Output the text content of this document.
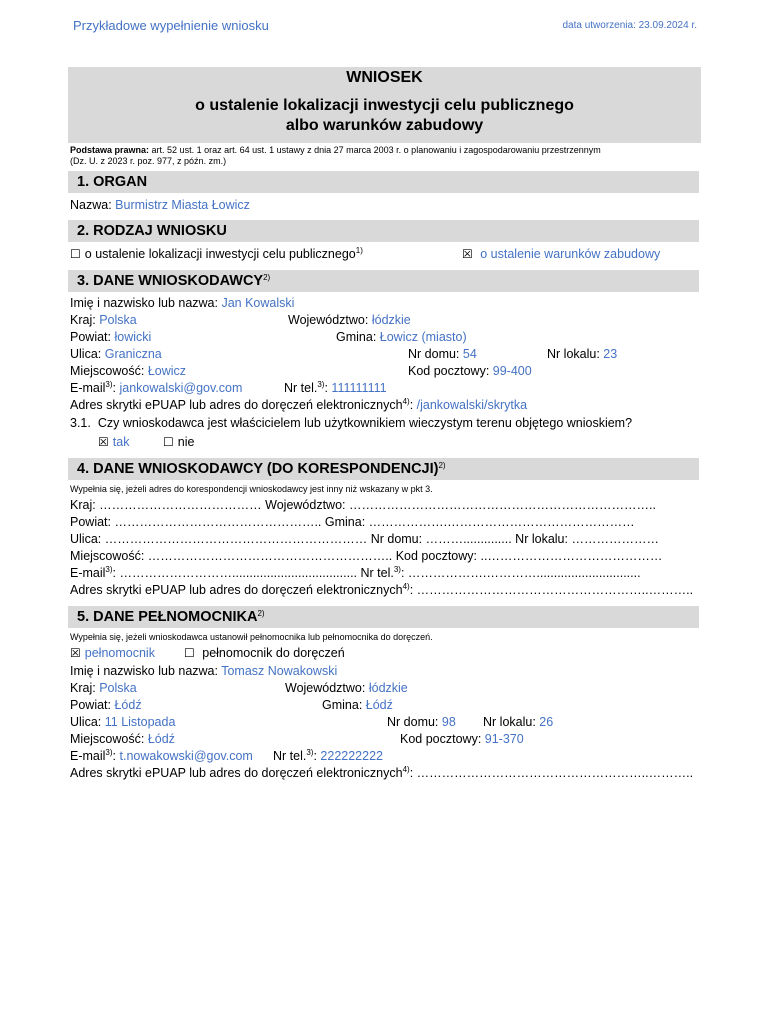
Przykładowe wypełnienie wniosku	data utworzenia: 23.09.2024 r.
WNIOSEK
o ustalenie lokalizacji inwestycji celu publicznego
albo warunków zabudowy
Podstawa prawna: art. 52 ust. 1 oraz art. 64 ust. 1 ustawy z dnia 27 marca 2003 r. o planowaniu i zagospodarowaniu przestrzennym
(Dz. U. z 2023 r. poz. 977, z późn. zm.)
1. ORGAN
Nazwa: Burmistrz Miasta Łowicz
2. RODZAJ WNIOSKU
☐ o ustalenie lokalizacji inwestycji celu publicznego$^{1)}$	☒ o ustalenie warunków zabudowy
3. DANE WNIOSKODAWCY$^{2)}$
Imię i nazwisko lub nazwa: Jan Kowalski
Kraj: Polska	Województwo: łódzkie
Powiat: łowicki	Gmina: Łowicz (miasto)
Ulica: Graniczna	Nr domu: 54	Nr lokalu: 23
Miejscowość: Łowicz	Kod pocztowy: 99-400
E-mail$^{3)}$: jankowalski@gov.com	Nr tel.$^{3)}$: 111111111
Adres skrytki ePUAP lub adres do doręczeń elektronicznych$^{4)}$: /jankowalski/skrytka
3.1. Czy wnioskodawca jest właścicielem lub użytkownikiem wieczystym terenu objętego wnioskiem?
☒ tak	☐ nie
4. DANE WNIOSKODAWCY (DO KORESPONDENCJI)$^{2)}$
Wypełnia się, jeżeli adres do korespondencji wnioskodawcy jest inny niż wskazany w pkt 3.
Kraj: ………………………………… Województwo: ………………………………………………………………..
Powiat: ………………………………………….. Gmina: ……………….………………………………………
Ulica: ……………………………………………………… Nr domu: ……….............. Nr lokalu: …………………
Miejscowość: ………………………………………………….. Kod pocztowy: ..……………………………………
E-mail$^{3)}$: ……………………….................................... Nr tel.$^{3)}$: ……………….…………..............................
Adres skrytki ePUAP lub adres do doręczeń elektronicznych$^{4)}$: ………………………………………………..………..
5. DANE PEŁNOMOCNIKA$^{2)}$
Wypełnia się, jeżeli wnioskodawca ustanowił pełnomocnika lub pełnomocnika do doręczeń.
☒ pełnomocnik ☐ pełnomocnik do doręczeń
Imię i nazwisko lub nazwa: Tomasz Nowakowski
Kraj: Polska	Województwo: łódzkie
Powiat: Łódź	Gmina: Łódź
Ulica: 11 Listopada	Nr domu: 98 Nr lokalu: 26
Miejscowość: Łódź	Kod pocztowy: 91-370
E-mail$^{3)}$: t.nowakowski@gov.com Nr tel.$^{3)}$: 222222222
Adres skrytki ePUAP lub adres do doręczeń elektronicznych$^{4)}$: ………………………………………………..………..
